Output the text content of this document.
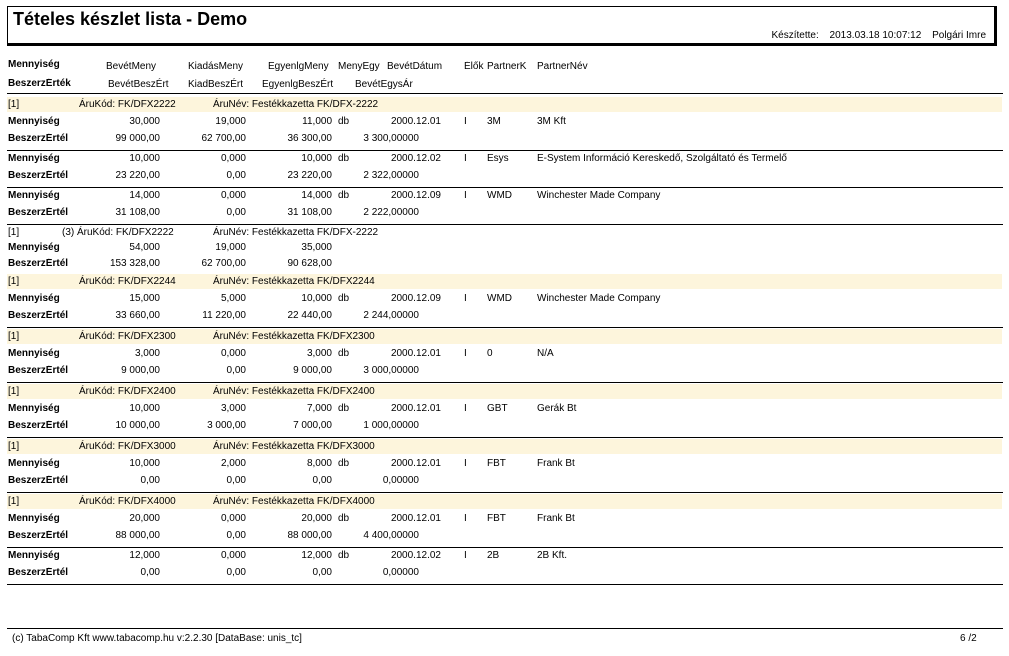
Tételes készlet lista - Demo
Készítette: 2013.03.18 10:07:12 Polgári Imre
Mennyiség	BevétMeny	KiadásMeny EgyenlgMeny MenyEgy BevétDátum Élők PartnerK	PartnerNév
BeszerzÉrték	BevétBeszÉrt KiadBeszÉrt EgyenlgBeszÉrt BevétEgysÁr
[1]	ÁruKód: FK/DFX2222	ÁruNév: Festékkazetta FK/DFX-2222
Mennyiség	30,000	19,000	11,000 db	2000.12.01 I 3M	3M Kft
BeszerzÉrtél	99 000,00	62 700,00	36 300,00	3 300,00000
Mennyiség	10,000	0,000	10,000 db	2000.12.02 I Esys	E-System Információ Kereskedő, Szolgáltató és Termelő
BeszerzÉrtél	23 220,00	0,00	23 220,00	2 322,00000
Mennyiség	14,000	0,000	14,000 db	2000.12.09 I WMD	Winchester Made Company
BeszerzÉrtél	31 108,00	0,00	31 108,00	2 222,00000
[1]	(3) ÁruKód: FK/DFX2222	ÁruNév: Festékkazetta FK/DFX-2222
Mennyiség	54,000	19,000	35,000
BeszerzÉrtél	153 328,00	62 700,00	90 628,00
[1]	ÁruKód: FK/DFX2244	ÁruNév: Festékkazetta FK/DFX2244
Mennyiség	15,000	5,000	10,000 db	2000.12.09 I WMD	Winchester Made Company
BeszerzÉrtél	33 660,00	11 220,00	22 440,00	2 244,00000
[1]	ÁruKód: FK/DFX2300	ÁruNév: Festékkazetta FK/DFX2300
Mennyiség	3,000	0,000	3,000 db	2000.12.01 I 0	N/A
BeszerzÉrtél	9 000,00	0,00	9 000,00	3 000,00000
[1]	ÁruKód: FK/DFX2400	ÁruNév: Festékkazetta FK/DFX2400
Mennyiség	10,000	3,000	7,000 db	2000.12.01 I GBT	Gerák Bt
BeszerzÉrtél	10 000,00	3 000,00	7 000,00	1 000,00000
[1]	ÁruKód: FK/DFX3000	ÁruNév: Festékkazetta FK/DFX3000
Mennyiség	10,000	2,000	8,000 db	2000.12.01 I FBT	Frank Bt
BeszerzÉrtél	0,00	0,00	0,00	0,00000
[1]	ÁruKód: FK/DFX4000	ÁruNév: Festékkazetta FK/DFX4000
Mennyiség	20,000	0,000	20,000 db	2000.12.01 I FBT	Frank Bt
BeszerzÉrtél	88 000,00	0,00	88 000,00	4 400,00000
Mennyiség	12,000	0,000	12,000 db	2000.12.02 I 2B	2B Kft.
BeszerzÉrtél	0,00	0,00	0,00	0,00000
(c) TabaComp Kft www.tabacomp.hu v:2.2.30 [DataBase: unis_tc]	6 /2
